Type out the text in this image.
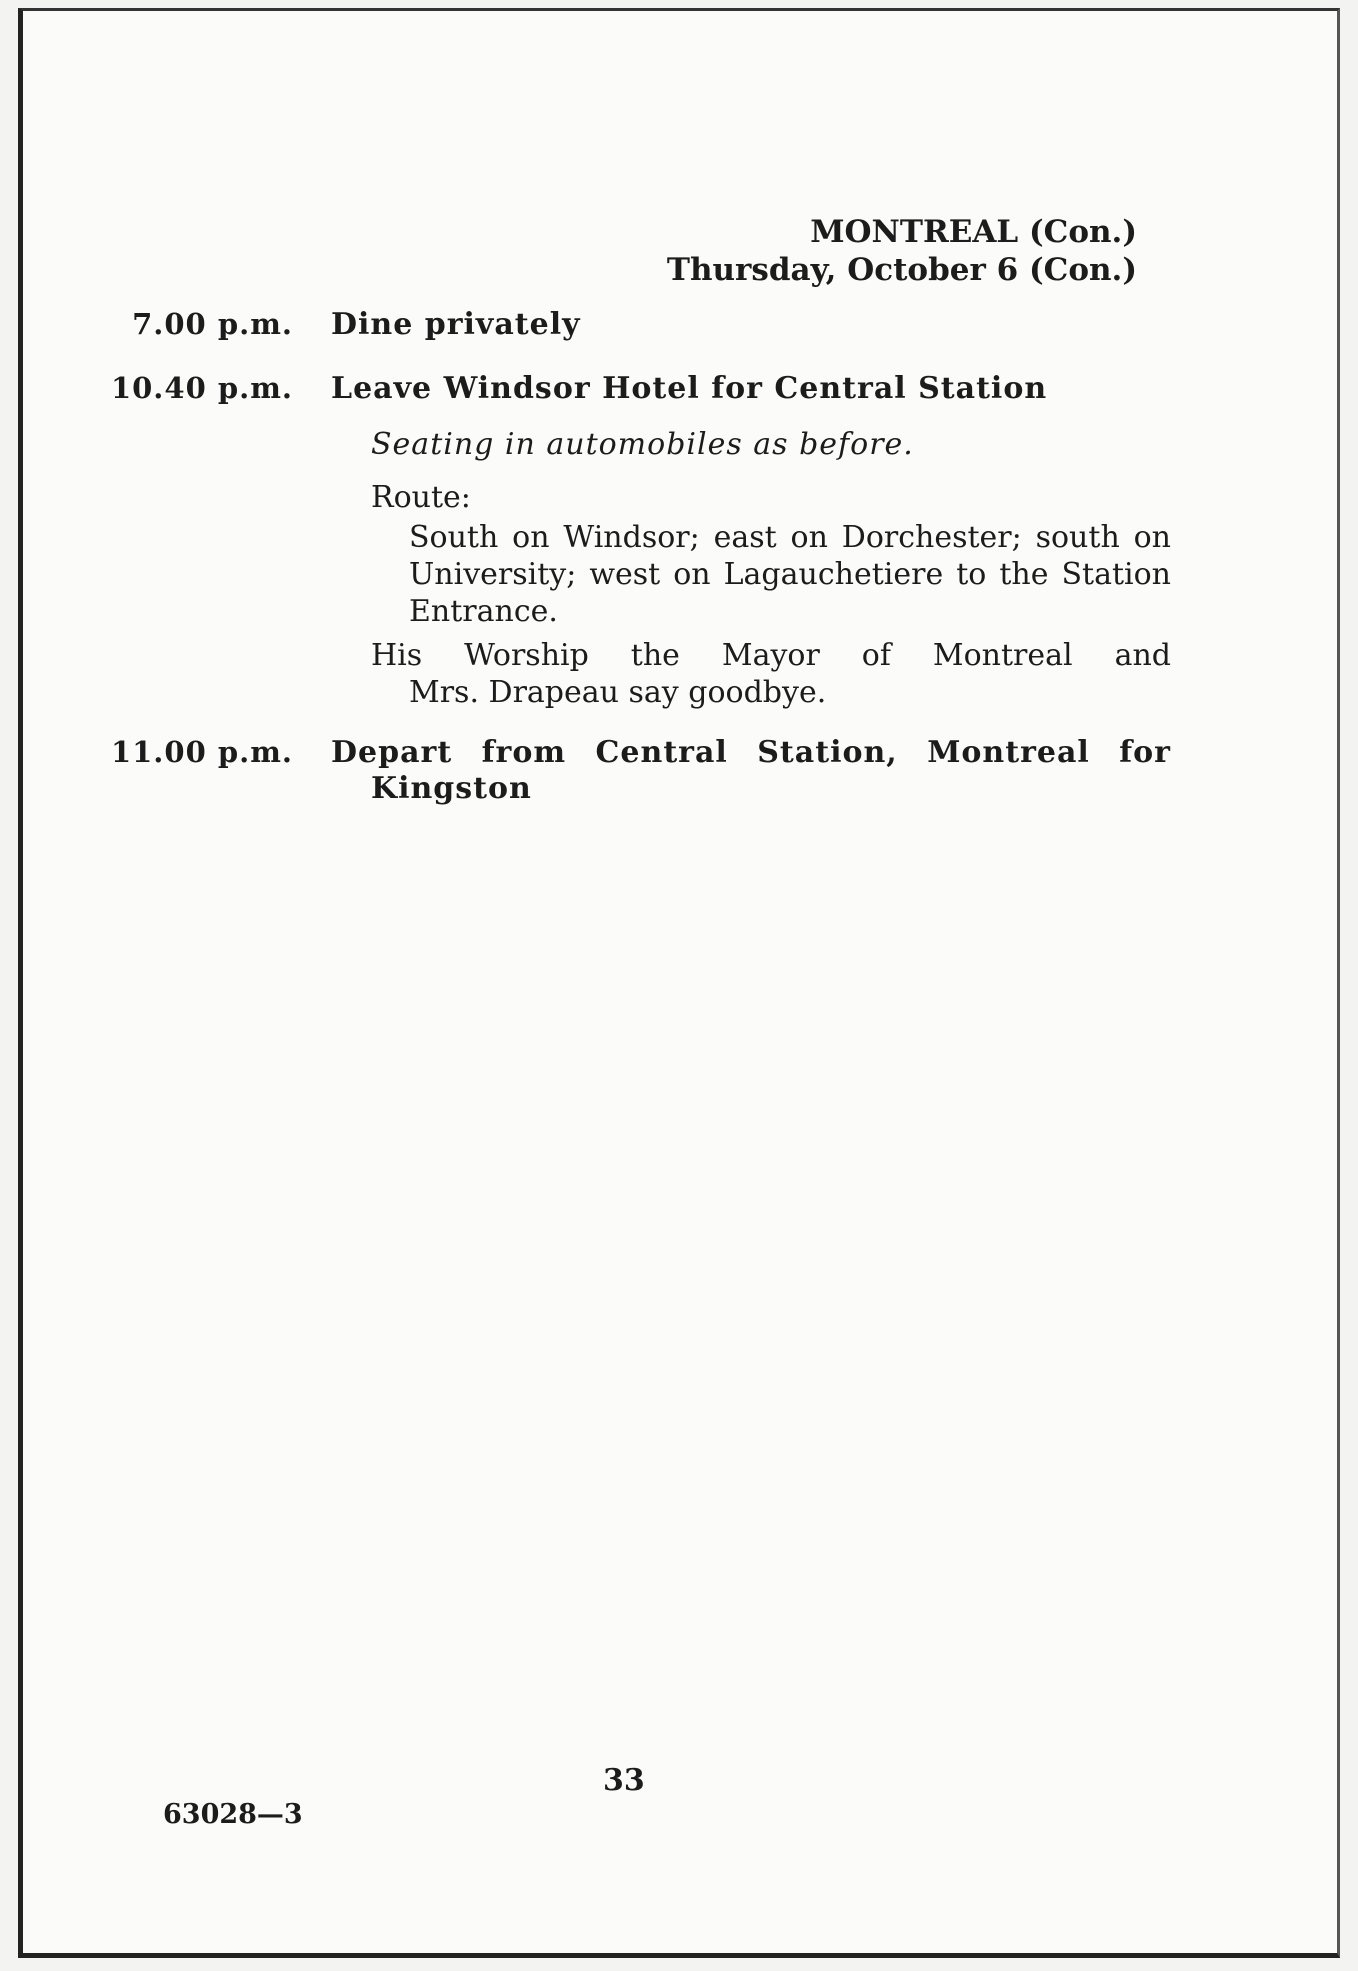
MONTREAL (Con.)
Thursday, October 6 (Con.)
7.00 p.m. Dine privately
10.40 p.m. Leave Windsor Hotel for Central Station
Seating in automobiles as before.
Route:
South on Windsor; east on Dorchester; south on University; west on Lagauchetiere to the Station Entrance.
His Worship the Mayor of Montreal and
Mrs. Drapeau say goodbye.
11.00 p.m. Depart from Central Station, Montreal for
Kingston
33
63028—3
